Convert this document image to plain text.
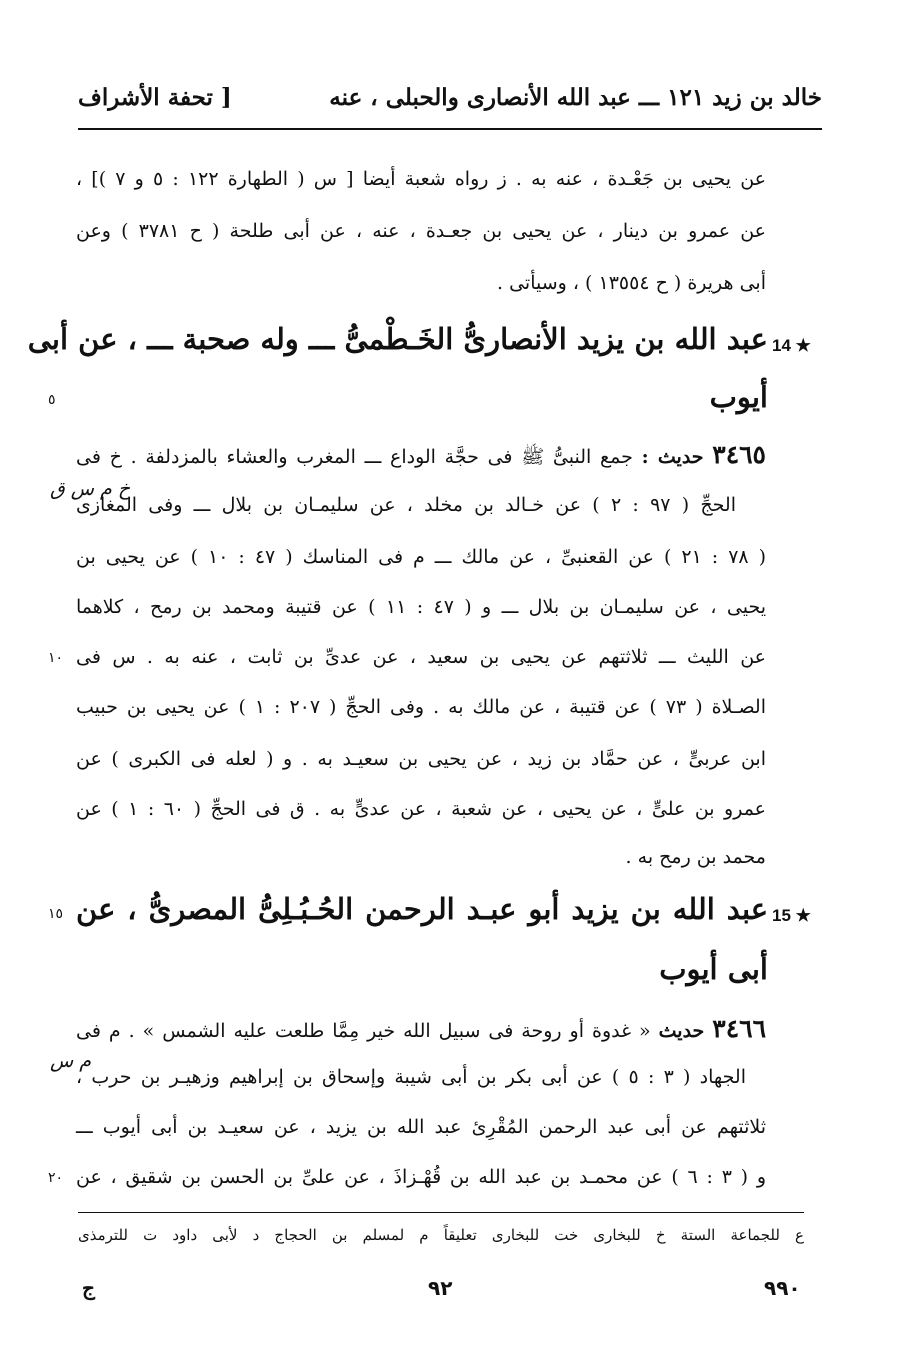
خالد بن زيد ١٢١ ـــ عبد الله الأنصارى والحبلى ، عنه
[ تحفة الأشراف
عن يحيى بن جَعْـدة ، عنه به . ز رواه شعبة أيضا [ س ( الطهارة ١٢٢ : ٥ و ٧ )] ،
عن عمرو بن دينار ، عن يحيى بن جعـدة ، عنه ، عن أبى طلحة ( ح ٣٧٨١ ) وعن
أبى هريرة ( ح ١٣٥٥٤ ) ، وسيأتى .
14 ★
عبد الله بن يزيد الأنصارىُّ الخَـطْمىُّ ـــ وله صحبة ـــ ، عن أبى
أيوب
٥
٣٤٦٥ حديث : جمع النبىُّ ﷺ فى حجَّة الوداع ـــ المغرب والعشاء بالمزدلفة . خ فى
خ م س ق
الحجِّ ( ٩٧ : ٢ ) عن خـالد بن مخلد ، عن سليمـان بن بلال ـــ وفى المغازى
( ٧٨ : ٢١ ) عن القعنبىِّ ، عن مالك ـــ م فى المناسك ( ٤٧ : ١٠ ) عن يحيى بن
يحيى ، عن سليمـان بن بلال ـــ و ( ٤٧ : ١١ ) عن قتيبة ومحمد بن رمح ، كلاهما
عن الليث ـــ ثلاثتهم عن يحيى بن سعيد ، عن عدىِّ بن ثابت ، عنه به . س فى
١٠
الصـلاة ( ٧٣ ) عن قتيبة ، عن مالك به . وفى الحجِّ ( ٢٠٧ : ١ ) عن يحيى بن حبيب
ابن عربىٍّ ، عن حمَّاد بن زيد ، عن يحيى بن سعيـد به . و ( لعله فى الكبرى ) عن
عمرو بن علىٍّ ، عن يحيى ، عن شعبة ، عن عدىٍّ به . ق فى الحجِّ ( ٦٠ : ١ ) عن
محمد بن رمح به .
15 ★
عبد الله بن يزيد أبو عبـد الرحمن الحُـبُـلِىُّ المصرىُّ ، عن
١٥
أبى أيوب
٣٤٦٦ حديث « غدوة أو روحة فى سبيل الله خير مِمَّا طلعت عليه الشمس » . م فى
م س
الجهاد ( ٣ : ٥ ) عن أبى بكر بن أبى شيبة وإسحاق بن إبراهيم وزهيـر بن حرب ،
ثلاثتهم عن أبى عبد الرحمن المُقْرِئ عبد الله بن يزيد ، عن سعيـد بن أبى أيوب ـــ
و ( ٣ : ٦ ) عن محمـد بن عبد الله بن قُهْـزاذَ ، عن علىِّ بن الحسن بن شقيق ، عن
٢٠
ع للجماعة الستة خ للبخارى خت للبخارى تعليقاً م لمسلم بن الحجاج د لأبى داود ت للترمذى
٩٩٠
٩٢
ج
